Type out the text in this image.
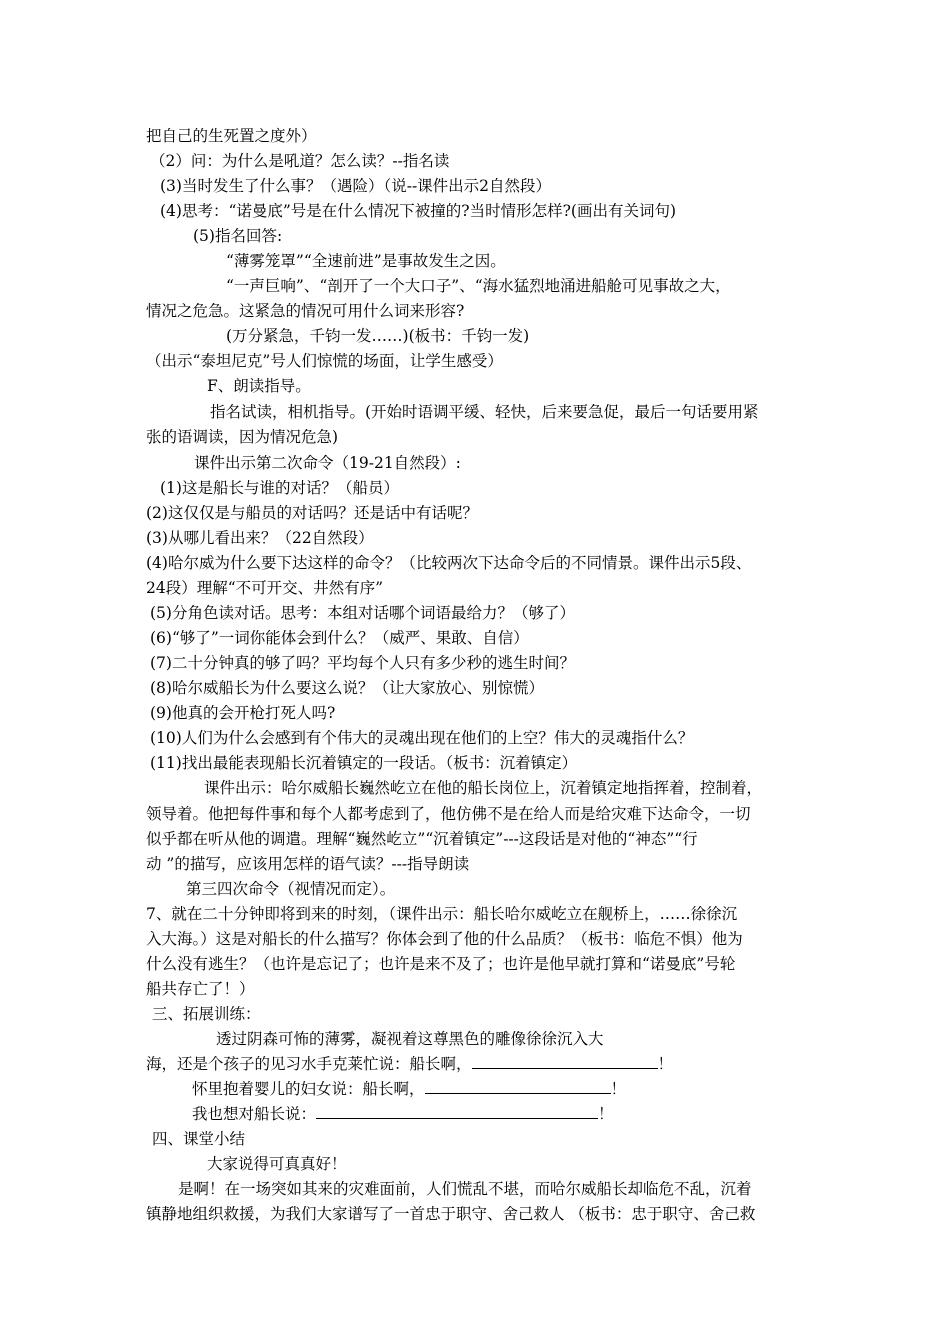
把自己的生死置之度外）
（2）问：为什么是吼道？怎么读？--指名读
(3)当时发生了什么事？（遇险）（说--课件出示2自然段）
(4)思考：“诺曼底”号是在什么情况下被撞的?当时情形怎样?(画出有关词句)
(5)指名回答:
“薄雾笼罩”“全速前进”是事故发生之因。
“一声巨响”、“剖开了一个大口子”、“海水猛烈地涌进船舱可见事故之大，
情况之危急。这紧急的情况可用什么词来形容?
(万分紧急，千钧一发……)(板书：千钧一发)
（出示“泰坦尼克”号人们惊慌的场面，让学生感受）
F、朗读指导。
指名试读，相机指导。(开始时语调平缓、轻快，后来要急促，最后一句话要用紧
张的语调读，因为情况危急)
课件出示第二次命令（19-21自然段）:
(1)这是船长与谁的对话？（船员）
(2)这仅仅是与船员的对话吗？还是话中有话呢？
(3)从哪儿看出来？（22自然段）
(4)哈尔威为什么要下达这样的命令？（比较两次下达命令后的不同情景。课件出示5段、
24段）理解“不可开交、井然有序”
(5)分角色读对话。思考：本组对话哪个词语最给力？（够了）
(6)“够了”一词你能体会到什么？（威严、果敢、自信）
(7)二十分钟真的够了吗？平均每个人只有多少秒的逃生时间？
(8)哈尔威船长为什么要这么说？（让大家放心、别惊慌）
(9)他真的会开枪打死人吗?
(10)人们为什么会感到有个伟大的灵魂出现在他们的上空？伟大的灵魂指什么？
(11)找出最能表现船长沉着镇定的一段话。（板书：沉着镇定）
课件出示：哈尔威船长巍然屹立在他的船长岗位上，沉着镇定地指挥着，控制着，
领导着。他把每件事和每个人都考虑到了，他仿佛不是在给人而是给灾难下达命令，一切
似乎都在听从他的调遣。理解“巍然屹立”“沉着镇定”---这段话是对他的“神态”“行
动 ”的描写，应该用怎样的语气读？---指导朗读
第三四次命令（视情况而定）。
7、就在二十分钟即将到来的时刻，（课件出示：船长哈尔威屹立在舰桥上，……徐徐沉
入大海。）这是对船长的什么描写？你体会到了他的什么品质？（板书：临危不惧）他为
什么没有逃生？（也许是忘记了；也许是来不及了；也许是他早就打算和“诺曼底”号轮
船共存亡了！）
三、拓展训练：
透过阴森可怖的薄雾，凝视着这尊黑色的雕像徐徐沉入大
海，还是个孩子的见习水手克莱忙说：船长啊，	！
怀里抱着婴儿的妇女说：船长啊，	！
我也想对船长说：	！
四、课堂小结
大家说得可真真好！
是啊！在一场突如其来的灾难面前，人们慌乱不堪，而哈尔威船长却临危不乱，沉着
镇静地组织救援，为我们大家谱写了一首忠于职守、舍己救人 （板书：忠于职守、舍己救
